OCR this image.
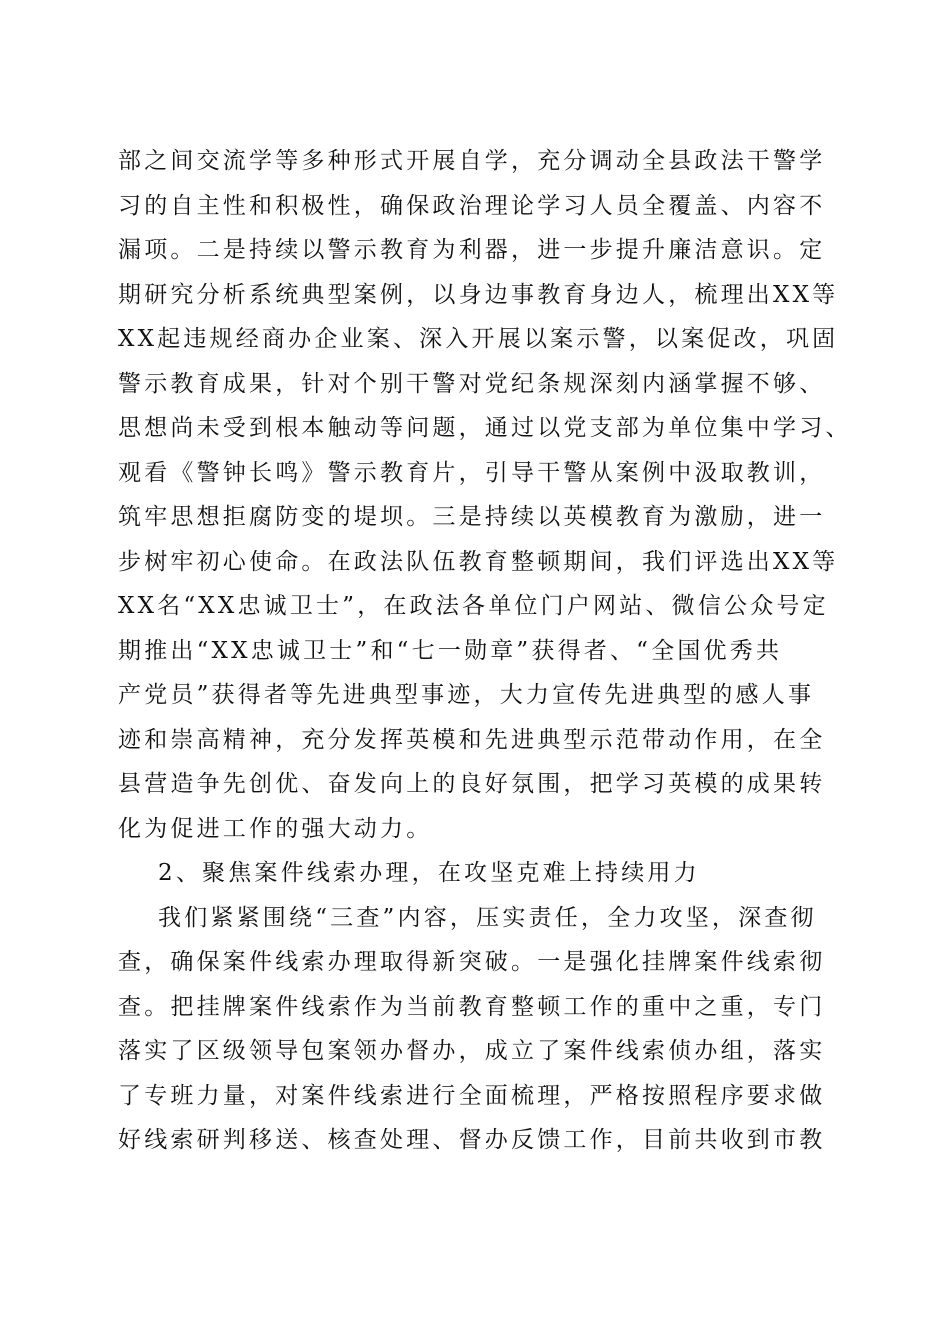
部之间交流学等多种形式开展自学，充分调动全县政法干警学
习的自主性和积极性，确保政治理论学习人员全覆盖、内容不
漏项。二是持续以警示教育为利器，进一步提升廉洁意识。定
期研究分析系统典型案例，以身边事教育身边人，梳理出XX等
XX起违规经商办企业案、深入开展以案示警，以案促改，巩固
警示教育成果，针对个别干警对党纪条规深刻内涵掌握不够、
思想尚未受到根本触动等问题，通过以党支部为单位集中学习、
观看《警钟长鸣》警示教育片，引导干警从案例中汲取教训，
筑牢思想拒腐防变的堤坝。三是持续以英模教育为激励，进一
步树牢初心使命。在政法队伍教育整顿期间，我们评选出XX等
XX名“XX忠诚卫士”，在政法各单位门户网站、微信公众号定
期推出“XX忠诚卫士”和“七一勋章”获得者、“全国优秀共
产党员”获得者等先进典型事迹，大力宣传先进典型的感人事
迹和崇高精神，充分发挥英模和先进典型示范带动作用，在全
县营造争先创优、奋发向上的良好氛围，把学习英模的成果转
化为促进工作的强大动力。
2、聚焦案件线索办理，在攻坚克难上持续用力
我们紧紧围绕“三查”内容，压实责任，全力攻坚，深查彻
查，确保案件线索办理取得新突破。一是强化挂牌案件线索彻
查。把挂牌案件线索作为当前教育整顿工作的重中之重，专门
落实了区级领导包案领办督办，成立了案件线索侦办组，落实
了专班力量，对案件线索进行全面梳理，严格按照程序要求做
好线索研判移送、核查处理、督办反馈工作，目前共收到市教
